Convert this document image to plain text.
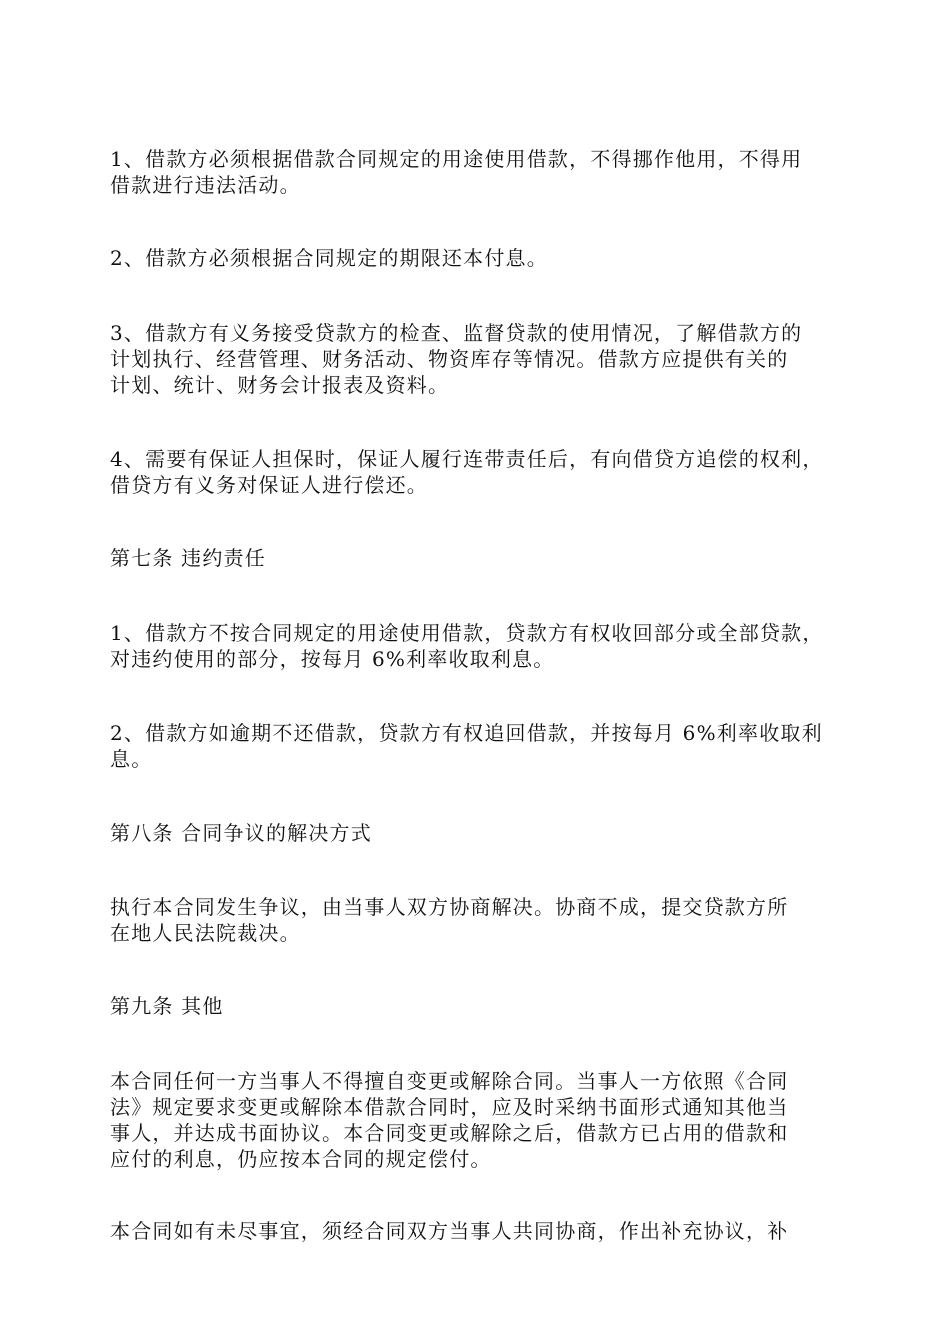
1、借款方必须根据借款合同规定的用途使用借款，不得挪作他用，不得用
借款进行违法活动。
2、借款方必须根据合同规定的期限还本付息。
3、借款方有义务接受贷款方的检查、监督贷款的使用情况，了解借款方的
计划执行、经营管理、财务活动、物资库存等情况。借款方应提供有关的
计划、统计、财务会计报表及资料。
4、需要有保证人担保时，保证人履行连带责任后，有向借贷方追偿的权利，
借贷方有义务对保证人进行偿还。
第七条 违约责任
1、借款方不按合同规定的用途使用借款，贷款方有权收回部分或全部贷款，
对违约使用的部分，按每月 6%利率收取利息。
2、借款方如逾期不还借款，贷款方有权追回借款，并按每月 6%利率收取利
息。
第八条 合同争议的解决方式
执行本合同发生争议，由当事人双方协商解决。协商不成，提交贷款方所
在地人民法院裁决。
第九条 其他
本合同任何一方当事人不得擅自变更或解除合同。当事人一方依照《合同
法》规定要求变更或解除本借款合同时，应及时采纳书面形式通知其他当
事人，并达成书面协议。本合同变更或解除之后，借款方已占用的借款和
应付的利息，仍应按本合同的规定偿付。
本合同如有未尽事宜，须经合同双方当事人共同协商，作出补充协议，补
